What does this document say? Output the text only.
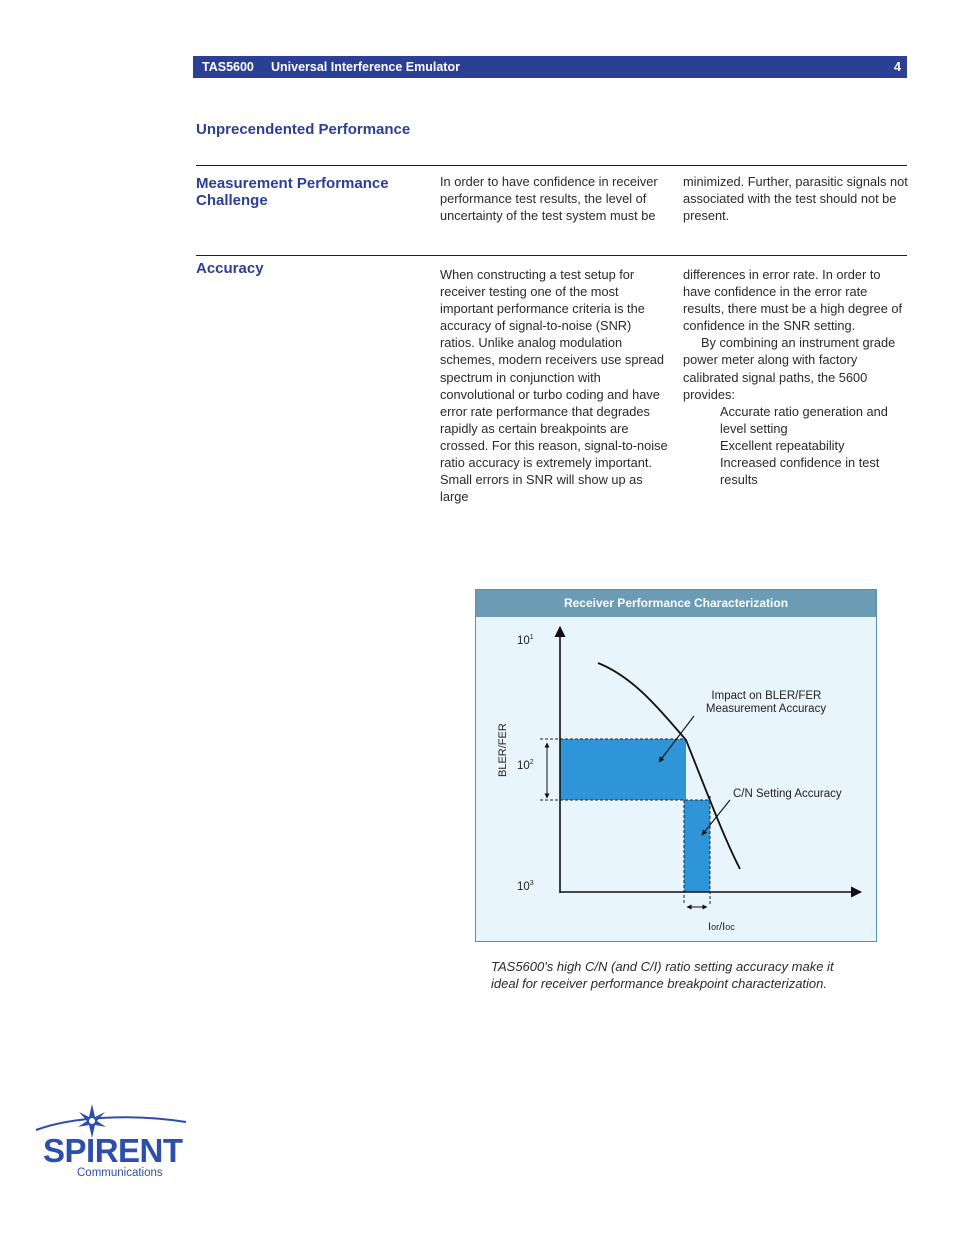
TAS5600 Universal Interference Emulator	4
Unprecendented Performance
Measurement Performance
Challenge

In order to have confidence in receiver performance test results, the level of uncertainty of the test system must be

minimized. Further, parasitic signals not associated with the test should not be present.

Accuracy	When constructing a test setup for receiver testing one of the most important performance criteria is the accuracy of signal-to-noise (SNR) ratios. Unlike analog modulation schemes, modern receivers use spread spectrum in conjunction with convolutional or turbo coding and have error rate performance that degrades rapidly as certain breakpoints are crossed. For this reason, signal-to-noise ratio accuracy is extremely important. Small errors in SNR will show up as large

differences in error rate. In order to have confidence in the error rate results, there must be a high degree of confidence in the SNR setting.

By combining an instrument grade power meter along with factory calibrated signal paths, the 5600 provides:

Accurate ratio generation and level setting

Excellent repeatability

Increased confidence in test results

Receiver Performance Characterization
$10^1$
$10^2$
$10^3$
BLER/FER
Ior/Ioc
Impact on BLER/FER Measurement Accuracy
C/N Setting Accuracy
TAS5600's high C/N (and C/I) ratio setting accuracy make it ideal for receiver performance breakpoint characterization.
SPIRENT
Communications
